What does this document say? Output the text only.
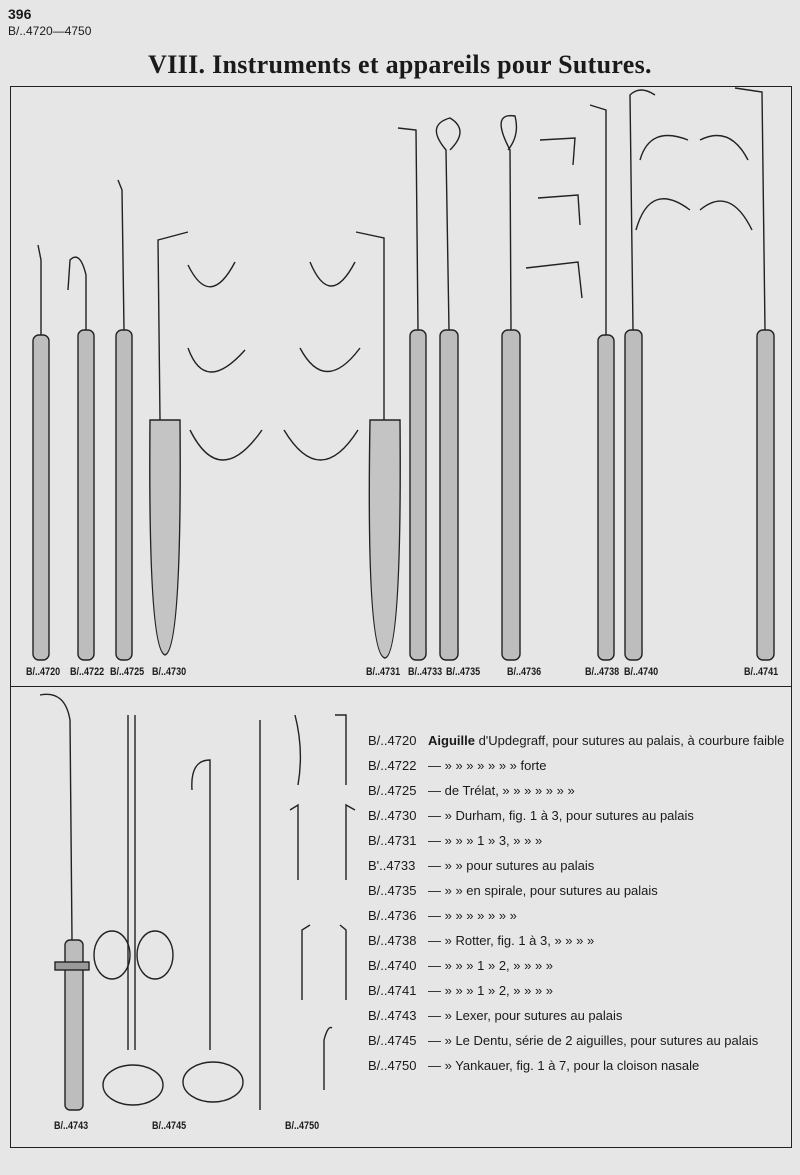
396
B/..4720—4750
VIII. Instruments et appareils pour Sutures.
B/..4720 B/..4722 B/..4725 B/..4730	B/..4731 B/..4733 B/..4735 B/..4736	B/..4738 B/..4740	B/..4741
B/..4743	B/..4745	B/..4750
B/..4720 Aiguille d'Updegraff, pour sutures au palais, à courbure faible
B/..4722 — » » » » » » » forte
B/..4725 — de Trélat, » » » » » » »
B/..4730 — » Durham, fig. 1 à 3, pour sutures au palais
B/..4731 — » » » 1 » 3, » » »
B'..4733 — » » pour sutures au palais
B/..4735 — » » en spirale, pour sutures au palais
B/..4736 — » » » » » » »
B/..4738 — » Rotter, fig. 1 à 3, » » » »
B/..4740 — » » » 1 » 2, » » » »
B/..4741 — » » » 1 » 2, » » » »
B/..4743 — » Lexer, pour sutures au palais
B/..4745 — » Le Dentu, série de 2 aiguilles, pour sutures au palais
B/..4750 — » Yankauer, fig. 1 à 7, pour la cloison nasale
